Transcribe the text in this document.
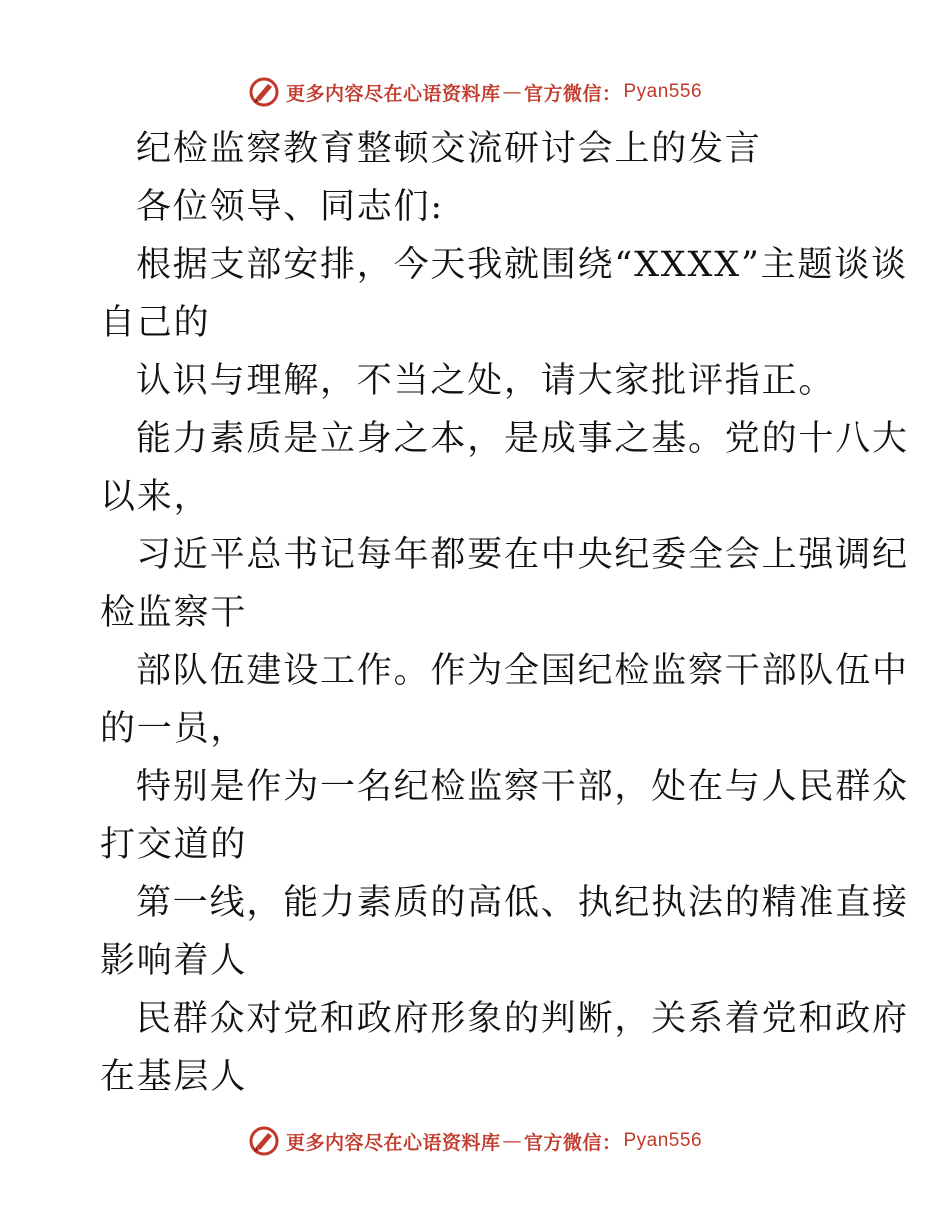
更多内容尽在心语资料库 — 官方微信： Pyan556
纪检监察教育整顿交流研讨会上的发言
各位领导、同志们:
根据支部安排，今天我就围绕“XXXX”主题谈谈
自己的
认识与理解，不当之处，请大家批评指正。
能力素质是立身之本，是成事之基。党的十八大
以来，
习近平总书记每年都要在中央纪委全会上强调纪
检监察干
部队伍建设工作。作为全国纪检监察干部队伍中
的一员，
特别是作为一名纪检监察干部，处在与人民群众
打交道的
第一线，能力素质的高低、执纪执法的精准直接
影响着人
民群众对党和政府形象的判断，关系着党和政府
在基层人
更多内容尽在心语资料库 — 官方微信： Pyan556
